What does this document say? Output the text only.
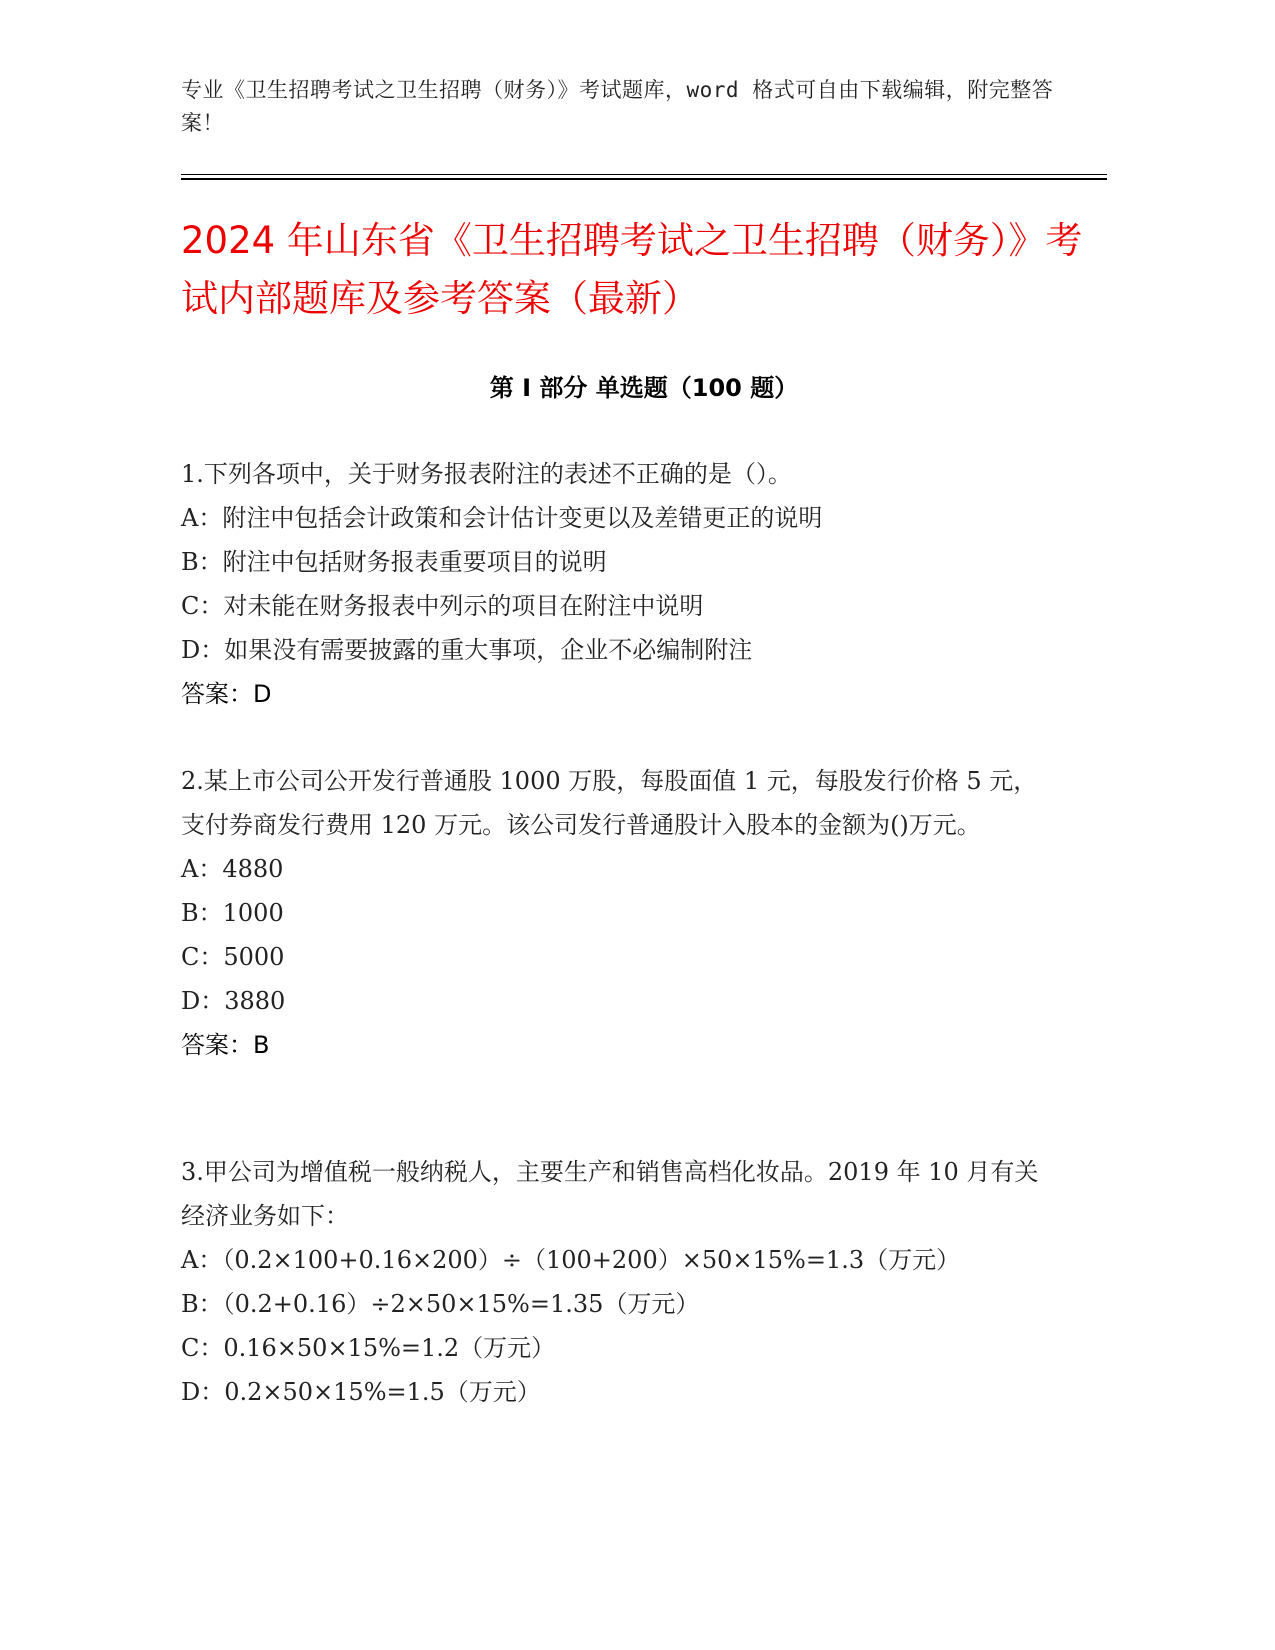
专业《卫生招聘考试之卫生招聘（财务）》考试题库，word 格式可自由下载编辑，附完整答案！
2024 年山东省《卫生招聘考试之卫生招聘（财务）》考试内部题库及参考答案（最新）
第 I 部分 单选题（100 题）

1.下列各项中，关于财务报表附注的表述不正确的是（）。

A：附注中包括会计政策和会计估计变更以及差错更正的说明

B：附注中包括财务报表重要项目的说明

C：对未能在财务报表中列示的项目在附注中说明

D：如果没有需要披露的重大事项，企业不必编制附注

答案：D

2.某上市公司公开发行普通股 1000 万股，每股面值 1 元，每股发行价格 5 元，支付券商发行费用 120 万元。该公司发行普通股计入股本的金额为()万元。

A：4880

B：1000

C：5000

D：3880

答案：B

3.甲公司为增值税一般纳税人，主要生产和销售高档化妆品。2019 年 10 月有关经济业务如下：

A：（0.2×100+0.16×200）÷（100+200）×50×15%=1.3（万元）

B：（0.2+0.16）÷2×50×15%=1.35（万元）

C：0.16×50×15%=1.2（万元）

D：0.2×50×15%=1.5（万元）
